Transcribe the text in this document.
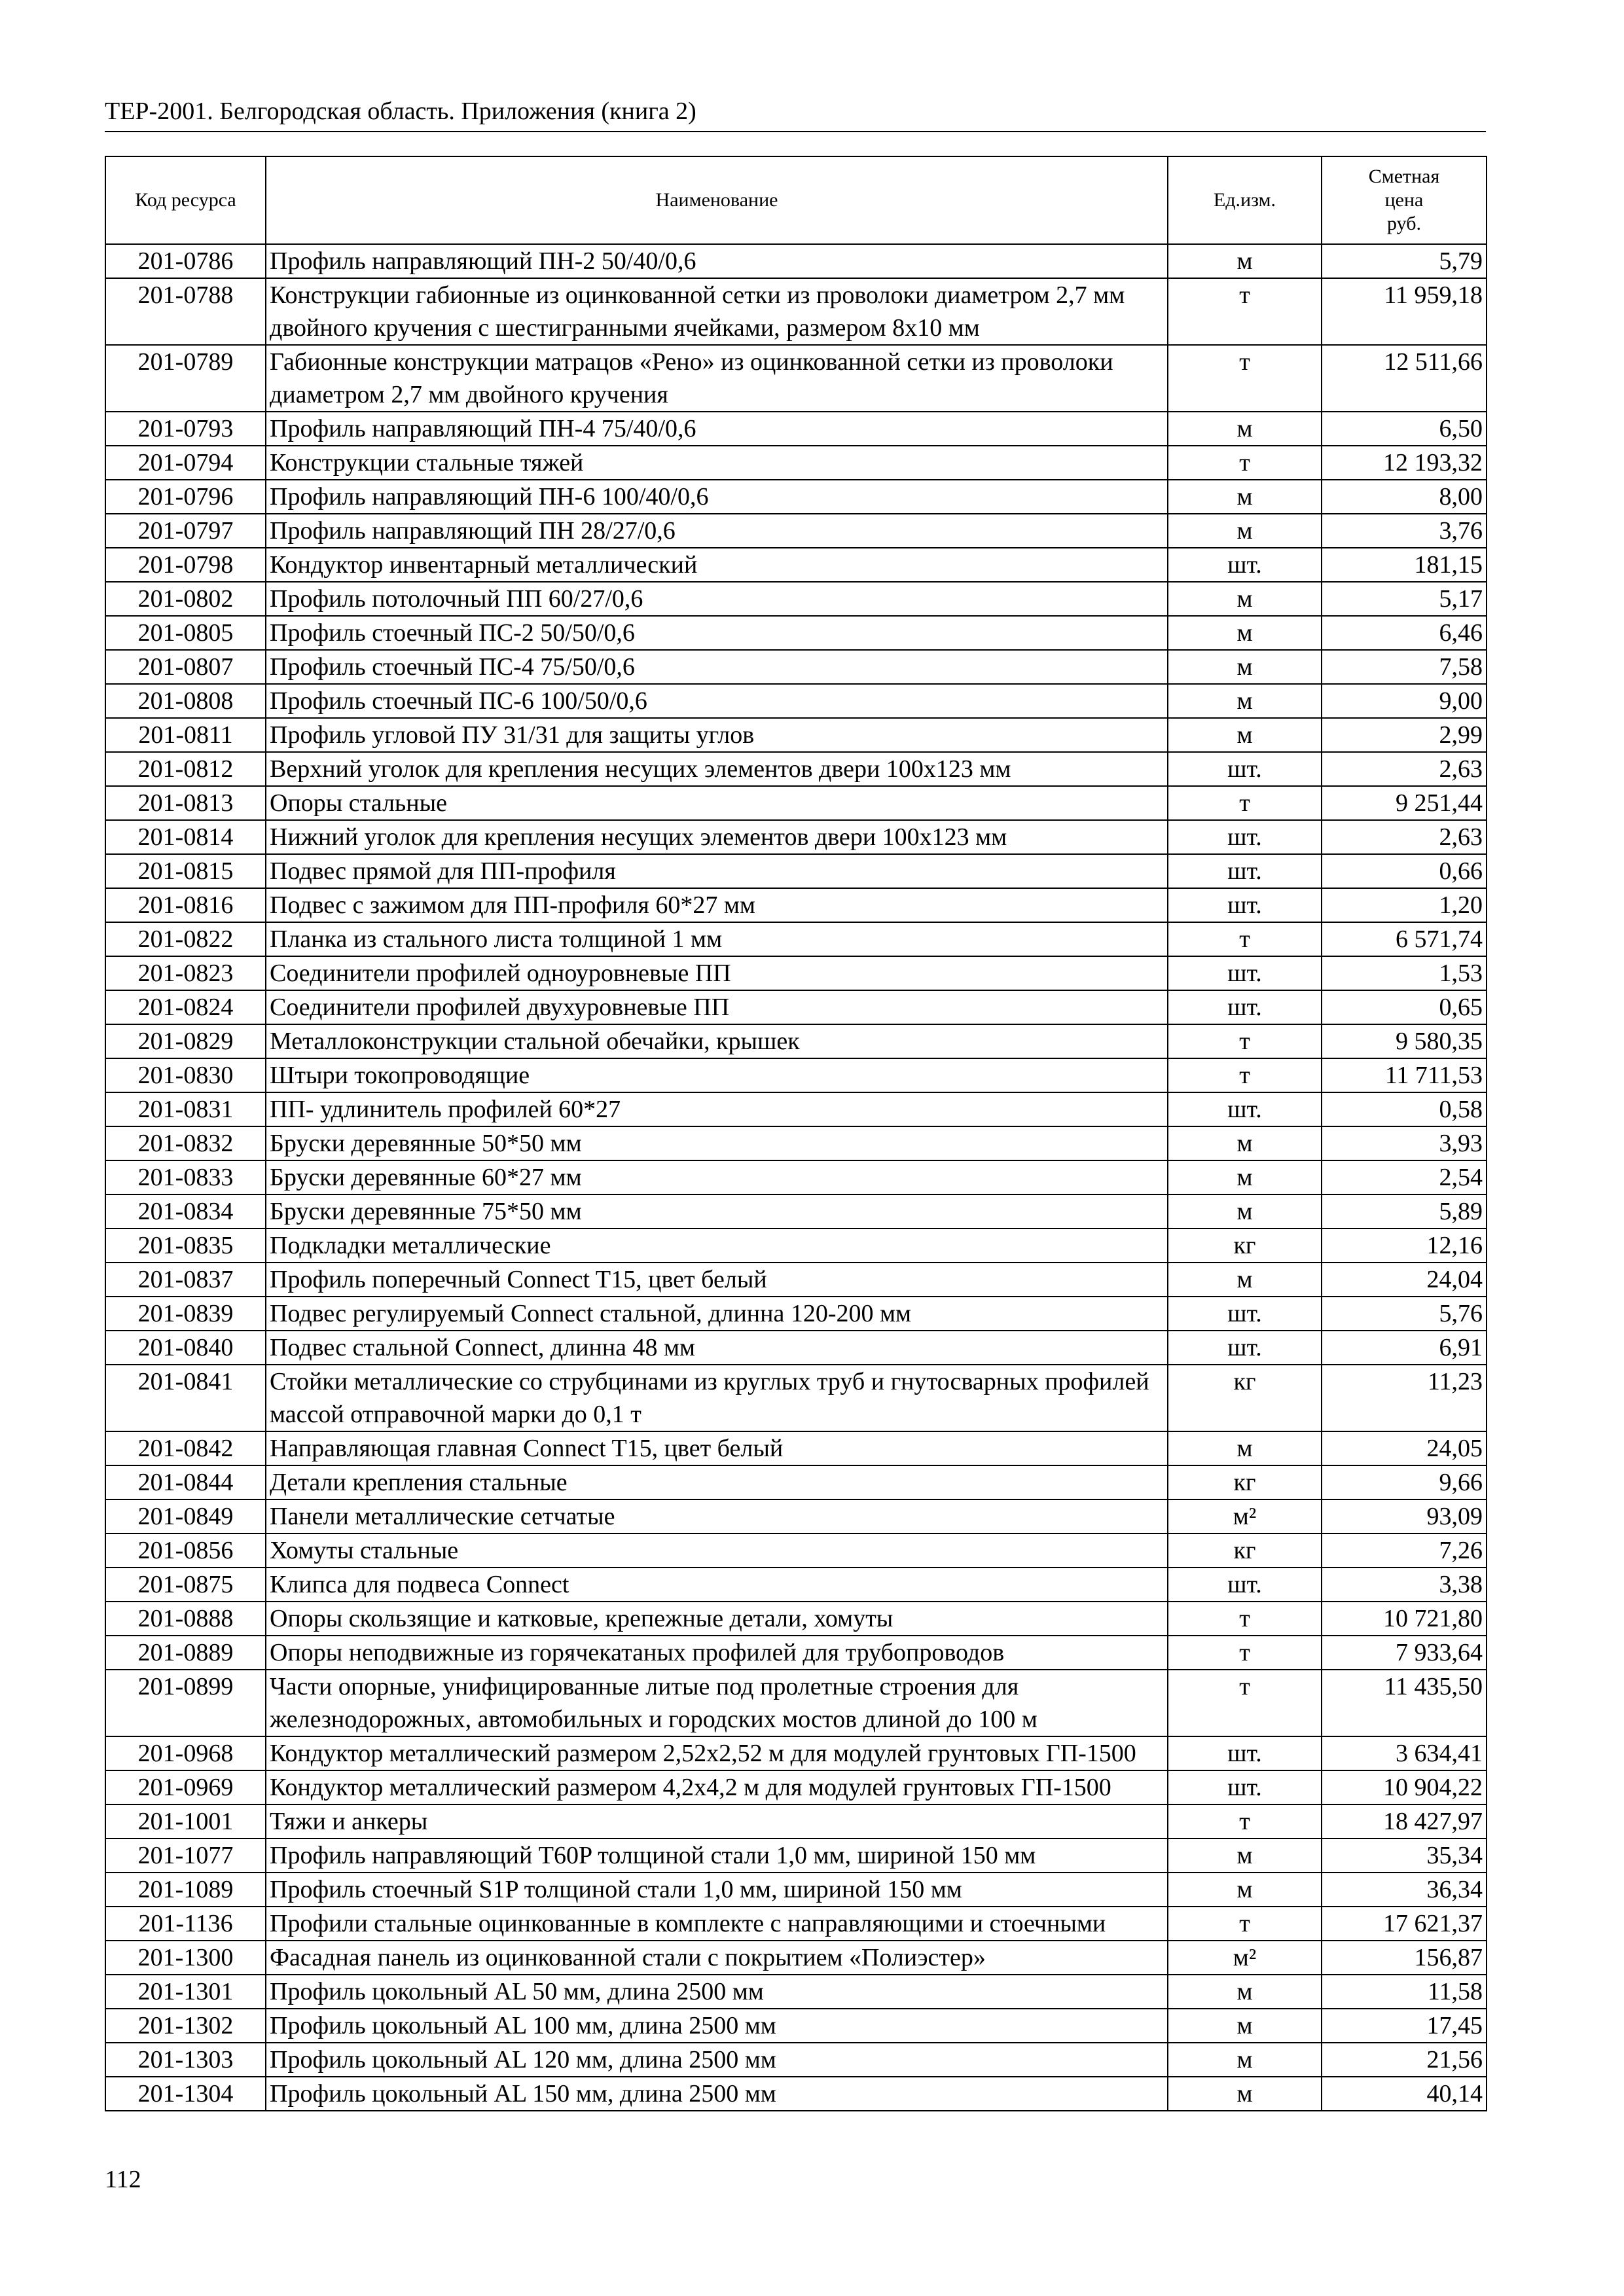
ТЕР-2001. Белгородская область. Приложения (книга 2)
Код ресурса	Наименование	Ед.изм.	Сметная
цена
руб.

201-0786	Профиль направляющий ПН-2 50/40/0,6	м	5,79
201-0788	Конструкции габионные из оцинкованной сетки из проволоки диаметром 2,7 мм двойного кручения с шестигранными ячейками, размером 8x10 мм	т	11 959,18
201-0789	Габионные конструкции матрацов «Рено» из оцинкованной сетки из проволоки диаметром 2,7 мм двойного кручения	т	12 511,66
201-0793	Профиль направляющий ПН-4 75/40/0,6	м	6,50
201-0794	Конструкции стальные тяжей	т	12 193,32
201-0796	Профиль направляющий ПН-6 100/40/0,6	м	8,00
201-0797	Профиль направляющий ПН 28/27/0,6	м	3,76
201-0798	Кондуктор инвентарный металлический	шт.	181,15
201-0802	Профиль потолочный ПП 60/27/0,6	м	5,17
201-0805	Профиль стоечный ПС-2 50/50/0,6	м	6,46
201-0807	Профиль стоечный ПС-4 75/50/0,6	м	7,58
201-0808	Профиль стоечный ПС-6 100/50/0,6	м	9,00
201-0811	Профиль угловой ПУ 31/31 для защиты углов	м	2,99
201-0812	Верхний уголок для крепления несущих элементов двери 100x123 мм	шт.	2,63
201-0813	Опоры стальные	т	9 251,44
201-0814	Нижний уголок для крепления несущих элементов двери 100x123 мм	шт.	2,63
201-0815	Подвес прямой для ПП-профиля	шт.	0,66
201-0816	Подвес с зажимом для ПП-профиля 60*27 мм	шт.	1,20
201-0822	Планка из стального листа толщиной 1 мм	т	6 571,74
201-0823	Соединители профилей одноуровневые ПП	шт.	1,53
201-0824	Соединители профилей двухуровневые ПП	шт.	0,65
201-0829	Металлоконструкции стальной обечайки, крышек	т	9 580,35
201-0830	Штыри токопроводящие	т	11 711,53
201-0831	ПП- удлинитель профилей 60*27	шт.	0,58
201-0832	Бруски деревянные 50*50 мм	м	3,93
201-0833	Бруски деревянные 60*27 мм	м	2,54
201-0834	Бруски деревянные 75*50 мм	м	5,89
201-0835	Подкладки металлические	кг	12,16
201-0837	Профиль поперечный Connect T15, цвет белый	м	24,04
201-0839	Подвес регулируемый Connect стальной, длинна 120-200 мм	шт.	5,76
201-0840	Подвес стальной Connect, длинна 48 мм	шт.	6,91
201-0841	Стойки металлические со струбцинами из круглых труб и гнутосварных профилей массой отправочной марки до 0,1 т	кг	11,23
201-0842	Направляющая главная Connect T15, цвет белый	м	24,05
201-0844	Детали крепления стальные	кг	9,66
201-0849	Панели металлические сетчатые	м²	93,09
201-0856	Хомуты стальные	кг	7,26
201-0875	Клипса для подвеса Connect	шт.	3,38
201-0888	Опоры скользящие и катковые, крепежные детали, хомуты	т	10 721,80
201-0889	Опоры неподвижные из горячекатаных профилей для трубопроводов	т	7 933,64
201-0899	Части опорные, унифицированные литые под пролетные строения для железнодорожных, автомобильных и городских мостов длиной до 100 м	т	11 435,50
201-0968	Кондуктор металлический размером 2,52x2,52 м для модулей грунтовых ГП-1500	шт.	3 634,41
201-0969	Кондуктор металлический размером 4,2x4,2 м для модулей грунтовых ГП-1500	шт.	10 904,22
201-1001	Тяжи и анкеры	т	18 427,97
201-1077	Профиль направляющий T60P толщиной стали 1,0 мм, шириной 150 мм	м	35,34
201-1089	Профиль стоечный S1P толщиной стали 1,0 мм, шириной 150 мм	м	36,34
201-1136	Профили стальные оцинкованные в комплекте с направляющими и стоечными	т	17 621,37
201-1300	Фасадная панель из оцинкованной стали с покрытием «Полиэстер»	м²	156,87
201-1301	Профиль цокольный AL 50 мм, длина 2500 мм	м	11,58
201-1302	Профиль цокольный AL 100 мм, длина 2500 мм	м	17,45
201-1303	Профиль цокольный AL 120 мм, длина 2500 мм	м	21,56
201-1304	Профиль цокольный AL 150 мм, длина 2500 мм	м	40,14
112
